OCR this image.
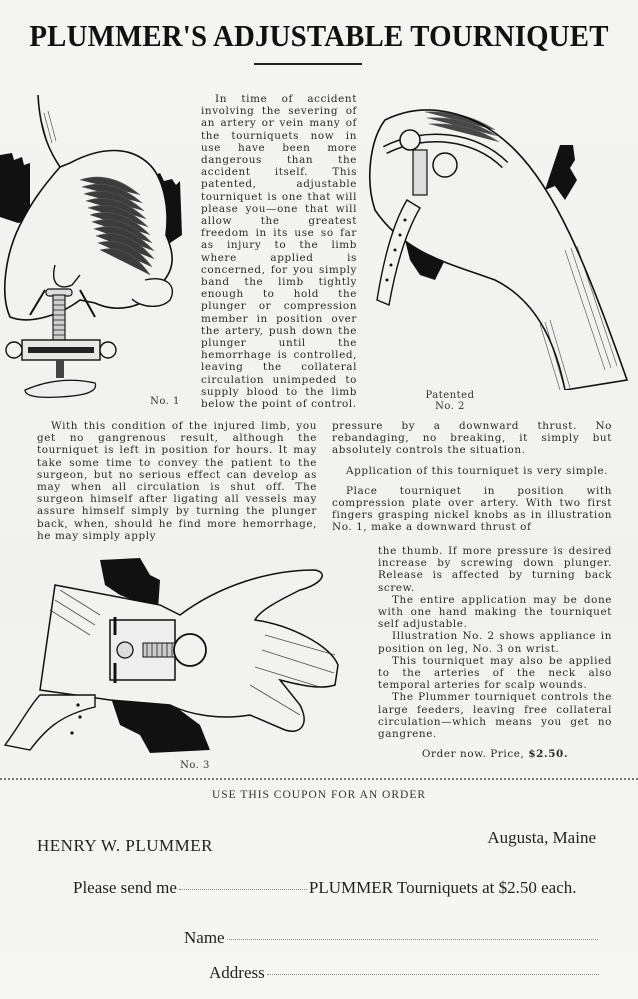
PLUMMER'S ADJUSTABLE TOURNIQUET

In time of accident involving the severing of an artery or vein many of the tourniquets now in use have been more dangerous than the accident itself. This patented, adjustable tourniquet is one that will please you—one that will allow the greatest freedom in its use so far as injury to the limb where applied is concerned, for you simply band the limb tightly enough to hold the plunger or compression member in position over the artery, push down the plunger until the hemorrhage is controlled, leaving the collateral circulation unimpeded to supply blood to the limb below the point of control.

No. 1
Patented
No. 2
No. 3

With this condition of the injured limb, you get no gangrenous result, although the tourniquet is left in position for hours. It may take some time to convey the patient to the surgeon, but no serious effect can develop as may when all circulation is shut off. The surgeon himself after ligating all vessels may assure himself simply by turning the plunger back, when, should he find more hemorrhage, he may simply apply

pressure by a downward thrust. No rebandaging, no breaking, it simply but absolutely controls the situation.

Application of this tourniquet is very simple.

Place tourniquet in position with compression plate over artery. With two first fingers grasping nickel knobs as in illustration No. 1, make a downward thrust of

the thumb. If more pressure is desired increase by screwing down plunger. Release is affected by turning back screw.

The entire application may be done with one hand making the tourniquet self adjustable.

Illustration No. 2 shows appliance in position on leg, No. 3 on wrist.

This tourniquet may also be applied to the arteries of the neck also temporal arteries for scalp wounds.

The Plummer tourniquet controls the large feeders, leaving free collateral circulation—which means you get no gangrene.

Order now. Price, $2.50.

USE THIS COUPON FOR AN ORDER
HENRY W. PLUMMER	Augusta, Maine
Please send me	PLUMMER Tourniquets at $2.50 each.
Name
Address
